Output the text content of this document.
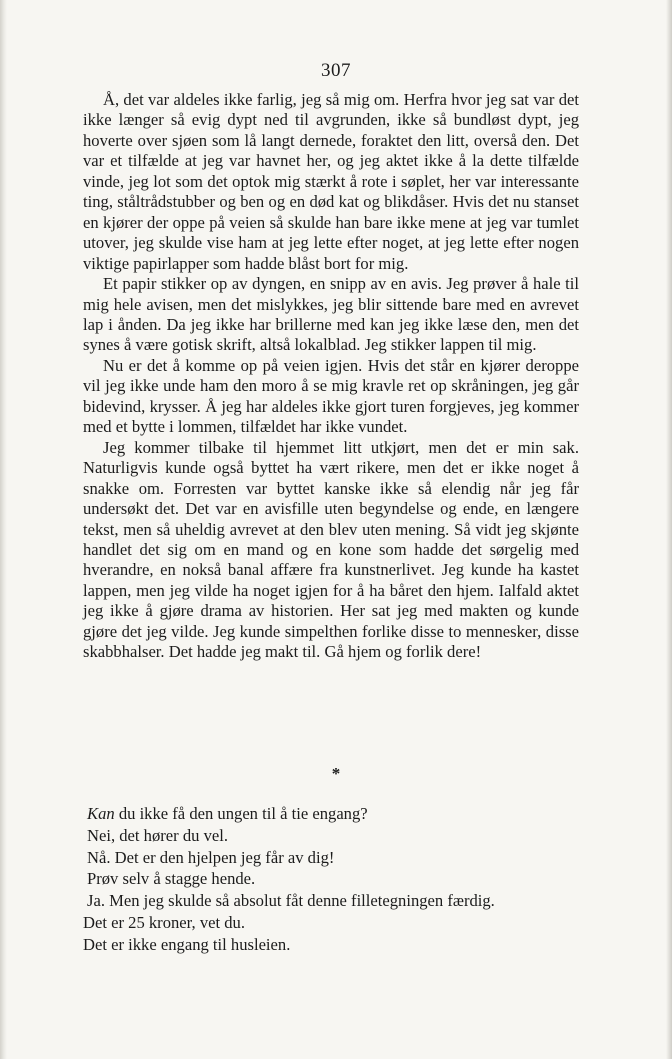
307

Å, det var aldeles ikke farlig, jeg så mig om. Herfra hvor jeg sat var det ikke længer så evig dypt ned til avgrunden, ikke så bundløst dypt, jeg hoverte over sjøen som lå langt dernede, foraktet den litt, overså den. Det var et tilfælde at jeg var havnet her, og jeg aktet ikke å la dette tilfælde vinde, jeg lot som det optok mig stærkt å rote i søplet, her var interessante ting, ståltrådstubber og ben og en død kat og blikdåser. Hvis det nu stanset en kjører der oppe på veien så skulde han bare ikke mene at jeg var tumlet utover, jeg skulde vise ham at jeg lette efter noget, at jeg lette efter nogen viktige papirlapper som hadde blåst bort for mig.

Et papir stikker op av dyngen, en snipp av en avis. Jeg prøver å hale til mig hele avisen, men det mislykkes, jeg blir sittende bare med en avrevet lap i ånden. Da jeg ikke har brillerne med kan jeg ikke læse den, men det synes å være gotisk skrift, altså lokalblad. Jeg stikker lappen til mig.

Nu er det å komme op på veien igjen. Hvis det står en kjører deroppe vil jeg ikke unde ham den moro å se mig kravle ret op skråningen, jeg går bidevind, krysser. Å jeg har aldeles ikke gjort turen forgjeves, jeg kommer med et bytte i lommen, tilfældet har ikke vundet.

Jeg kommer tilbake til hjemmet litt utkjørt, men det er min sak. Naturligvis kunde også byttet ha vært rikere, men det er ikke noget å snakke om. Forresten var byttet kanske ikke så elendig når jeg får undersøkt det. Det var en avisfille uten begyndelse og ende, en længere tekst, men så uheldig avrevet at den blev uten mening. Så vidt jeg skjønte handlet det sig om en mand og en kone som hadde det sørgelig med hverandre, en nokså banal affære fra kunstnerlivet. Jeg kunde ha kastet lappen, men jeg vilde ha noget igjen for å ha båret den hjem. Ialfald aktet jeg ikke å gjøre drama av historien. Her sat jeg med makten og kunde gjøre det jeg vilde. Jeg kunde simpelthen forlike disse to mennesker, disse skabbhalser. Det hadde jeg makt til. Gå hjem og forlik dere!

*

Kan du ikke få den ungen til å tie engang?

Nei, det hører du vel.

Nå. Det er den hjelpen jeg får av dig!

Prøv selv å stagge hende.

Ja. Men jeg skulde så absolut fåt denne filletegningen færdig.

Det er 25 kroner, vet du.

Det er ikke engang til husleien.
